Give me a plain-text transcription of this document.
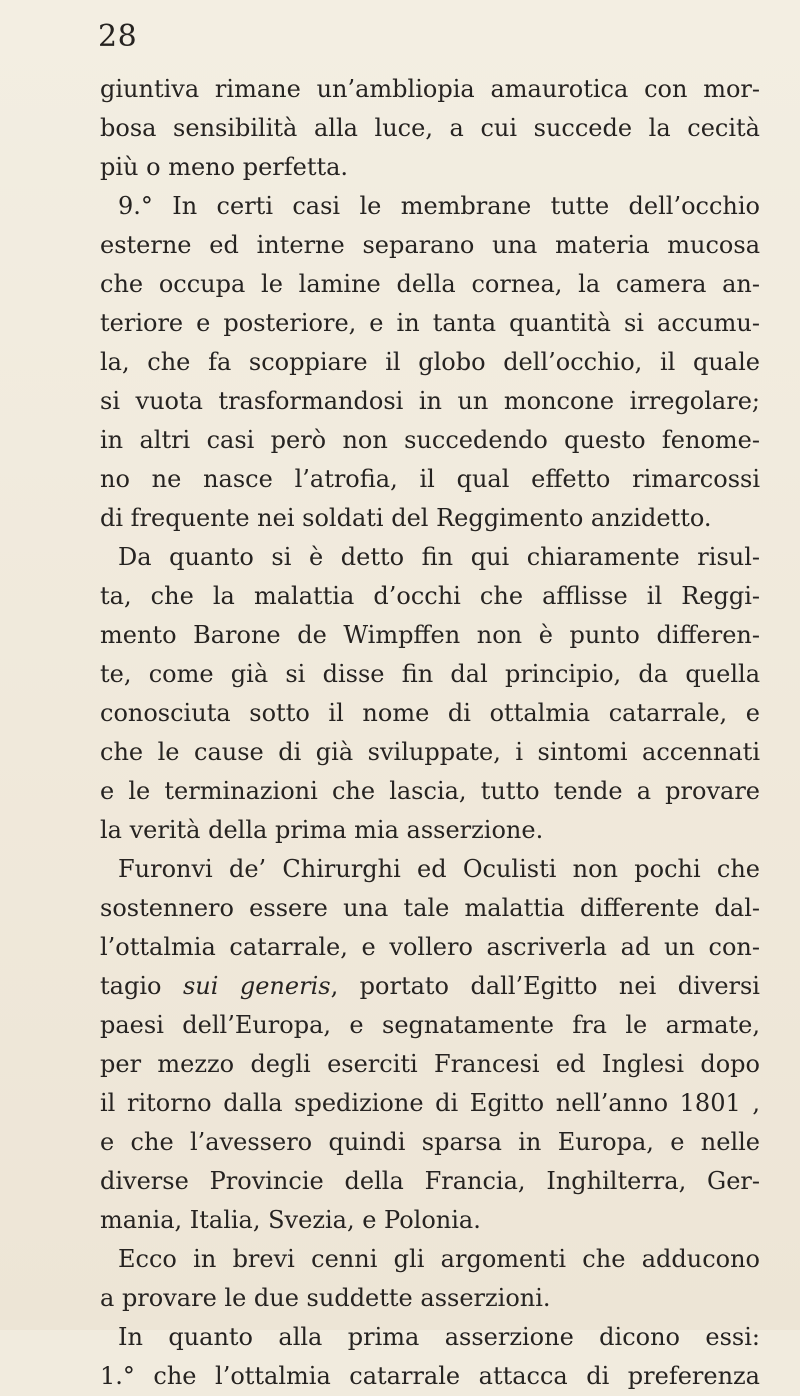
28
giuntiva rimane un’ambliopia amaurotica con mor-
bosa sensibilità alla luce, a cui succede la cecità
più o meno perfetta.
9.° In certi casi le membrane tutte dell’occhio
esterne ed interne separano una materia mucosa
che occupa le lamine della cornea, la camera an-
teriore e posteriore, e in tanta quantità si accumu-
la, che fa scoppiare il globo dell’occhio, il quale
si vuota trasformandosi in un moncone irregolare;
in altri casi però non succedendo questo fenome-
no ne nasce l’atrofia, il qual effetto rimarcossi
di frequente nei soldati del Reggimento anzidetto.
Da quanto si è detto fin qui chiaramente risul-
ta, che la malattia d’occhi che afflisse il Reggi-
mento Barone de Wimpffen non è punto differen-
te, come già si disse fin dal principio, da quella
conosciuta sotto il nome di ottalmia catarrale, e
che le cause di già sviluppate, i sintomi accennati
e le terminazioni che lascia, tutto tende a provare
la verità della prima mia asserzione.
Furonvi de’ Chirurghi ed Oculisti non pochi che
sostennero essere una tale malattia differente dal-
l’ottalmia catarrale, e vollero ascriverla ad un con-
tagio sui generis, portato dall’Egitto nei diversi
paesi dell’Europa, e segnatamente fra le armate,
per mezzo degli eserciti Francesi ed Inglesi dopo
il ritorno dalla spedizione di Egitto nell’anno 1801 ,
e che l’avessero quindi sparsa in Europa, e nelle
diverse Provincie della Francia, Inghilterra, Ger-
mania, Italia, Svezia, e Polonia.
Ecco in brevi cenni gli argomenti che adducono
a provare le due suddette asserzioni.
In quanto alla prima asserzione dicono essi:
1.° che l’ottalmia catarrale attacca di preferenza
